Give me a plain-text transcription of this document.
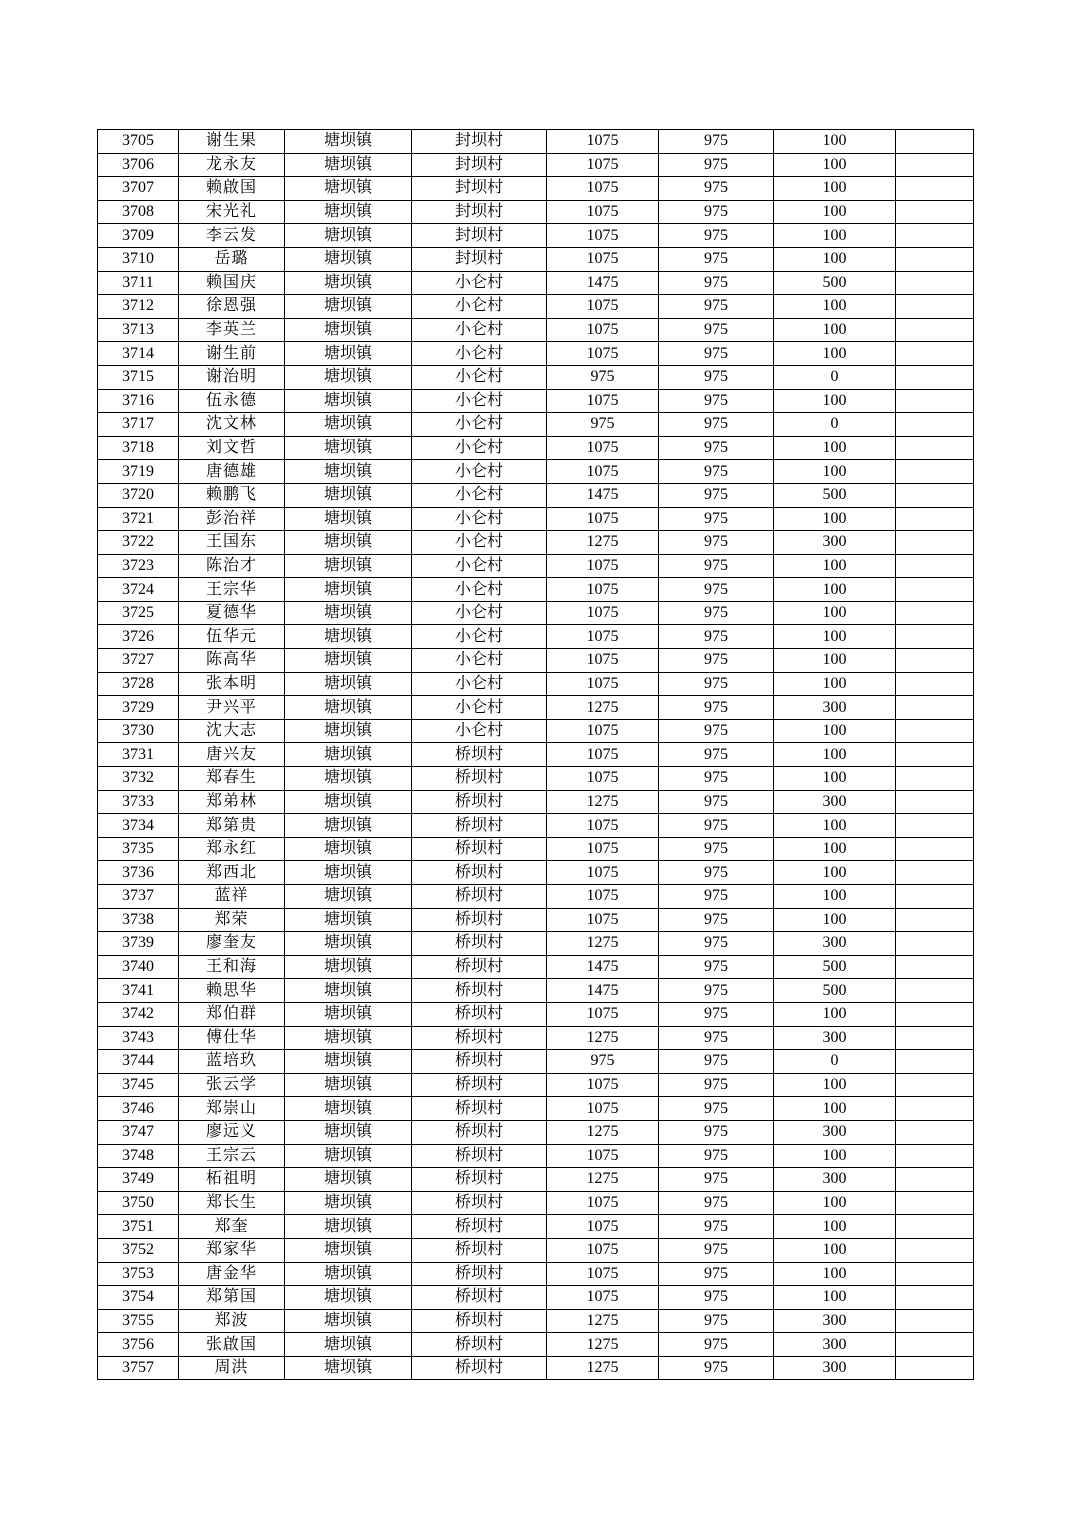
3705	谢生果	塘坝镇	封坝村	1075	975	100	
3706	龙永友	塘坝镇	封坝村	1075	975	100	
3707	赖啟国	塘坝镇	封坝村	1075	975	100	
3708	宋光礼	塘坝镇	封坝村	1075	975	100	
3709	李云发	塘坝镇	封坝村	1075	975	100	
3710	岳璐	塘坝镇	封坝村	1075	975	100	
3711	赖国庆	塘坝镇	小仑村	1475	975	500	
3712	徐恩强	塘坝镇	小仑村	1075	975	100	
3713	李英兰	塘坝镇	小仑村	1075	975	100	
3714	谢生前	塘坝镇	小仑村	1075	975	100	
3715	谢治明	塘坝镇	小仑村	975	975	0	
3716	伍永德	塘坝镇	小仑村	1075	975	100	
3717	沈文林	塘坝镇	小仑村	975	975	0	
3718	刘文哲	塘坝镇	小仑村	1075	975	100	
3719	唐德雄	塘坝镇	小仑村	1075	975	100	
3720	赖鹏飞	塘坝镇	小仑村	1475	975	500	
3721	彭治祥	塘坝镇	小仑村	1075	975	100	
3722	王国东	塘坝镇	小仑村	1275	975	300	
3723	陈治才	塘坝镇	小仑村	1075	975	100	
3724	王宗华	塘坝镇	小仑村	1075	975	100	
3725	夏德华	塘坝镇	小仑村	1075	975	100	
3726	伍华元	塘坝镇	小仑村	1075	975	100	
3727	陈高华	塘坝镇	小仑村	1075	975	100	
3728	张本明	塘坝镇	小仑村	1075	975	100	
3729	尹兴平	塘坝镇	小仑村	1275	975	300	
3730	沈大志	塘坝镇	小仑村	1075	975	100	
3731	唐兴友	塘坝镇	桥坝村	1075	975	100	
3732	郑春生	塘坝镇	桥坝村	1075	975	100	
3733	郑弟林	塘坝镇	桥坝村	1275	975	300	
3734	郑第贵	塘坝镇	桥坝村	1075	975	100	
3735	郑永红	塘坝镇	桥坝村	1075	975	100	
3736	郑西北	塘坝镇	桥坝村	1075	975	100	
3737	蓝祥	塘坝镇	桥坝村	1075	975	100	
3738	郑荣	塘坝镇	桥坝村	1075	975	100	
3739	廖奎友	塘坝镇	桥坝村	1275	975	300	
3740	王和海	塘坝镇	桥坝村	1475	975	500	
3741	赖思华	塘坝镇	桥坝村	1475	975	500	
3742	郑伯群	塘坝镇	桥坝村	1075	975	100	
3743	傅仕华	塘坝镇	桥坝村	1275	975	300	
3744	蓝培玖	塘坝镇	桥坝村	975	975	0	
3745	张云学	塘坝镇	桥坝村	1075	975	100	
3746	郑崇山	塘坝镇	桥坝村	1075	975	100	
3747	廖远义	塘坝镇	桥坝村	1275	975	300	
3748	王宗云	塘坝镇	桥坝村	1075	975	100	
3749	柘祖明	塘坝镇	桥坝村	1275	975	300	
3750	郑长生	塘坝镇	桥坝村	1075	975	100	
3751	郑奎	塘坝镇	桥坝村	1075	975	100	
3752	郑家华	塘坝镇	桥坝村	1075	975	100	
3753	唐金华	塘坝镇	桥坝村	1075	975	100	
3754	郑第国	塘坝镇	桥坝村	1075	975	100	
3755	郑波	塘坝镇	桥坝村	1275	975	300	
3756	张啟国	塘坝镇	桥坝村	1275	975	300	
3757	周洪	塘坝镇	桥坝村	1275	975	300	
